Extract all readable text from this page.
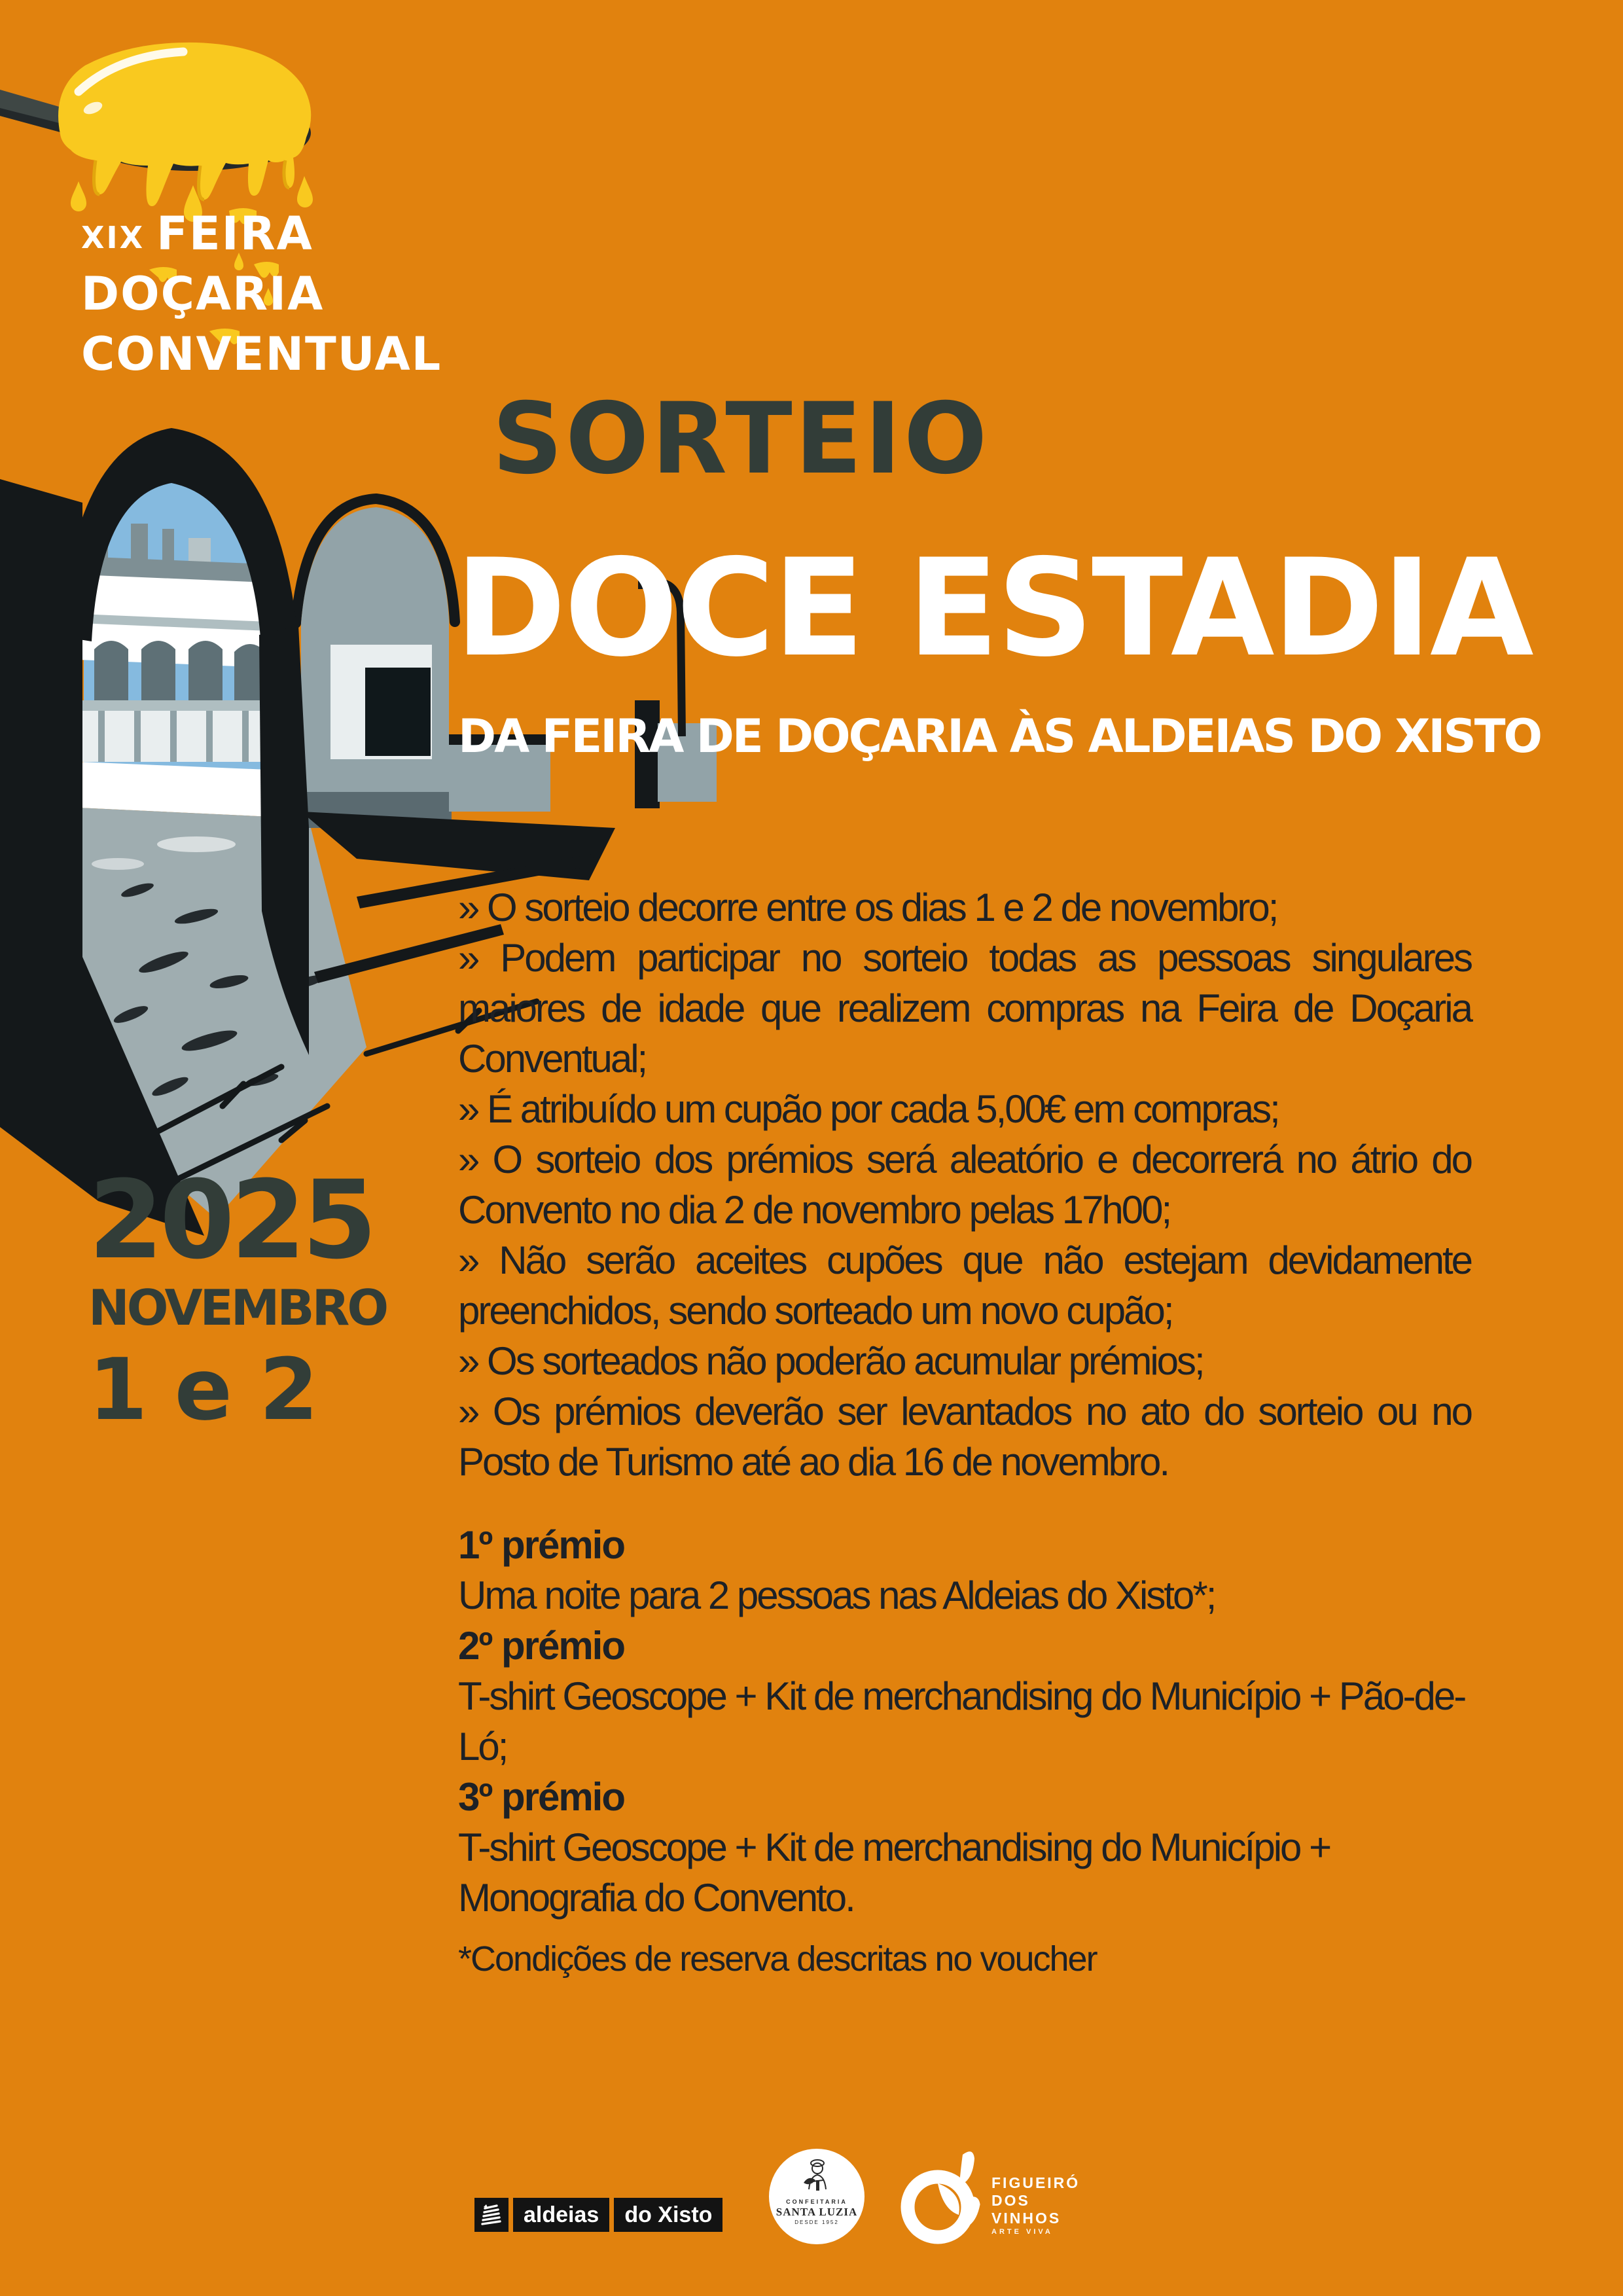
XIX FEIRA
DOÇARIA
CONVENTUAL
SORTEIO
DOCE ESTADIA
DA FEIRA DE DOÇARIA ÀS ALDEIAS DO XISTO
2025
NOVEMBRO
1 e 2

» O sorteio decorre entre os dias 1 e 2 de novembro;

» Podem participar no sorteio todas as pessoas singulares maiores de idade que realizem compras na Feira de Doçaria Conventual;

» É atribuído um cupão por cada 5,00€ em compras;

» O sorteio dos prémios será aleatório e decorrerá no átrio do Convento no dia 2 de novembro pelas 17h00;

» Não serão aceites cupões que não estejam devidamente preenchidos, sendo sorteado um novo cupão;

» Os sorteados não poderão acumular prémios;

» Os prémios deverão ser levantados no ato do sorteio ou no Posto de Turismo até ao dia 16 de novembro.

1º prémio
Uma noite para 2 pessoas nas Aldeias do Xisto*;
2º prémio
T-shirt Geoscope + Kit de merchandising do Município + Pão-de-Ló;
3º prémio
T-shirt Geoscope + Kit de merchandising do Município + Monografia do Convento.
*Condições de reserva descritas no voucher
aldeias	do Xisto
CONFEITARIA
SANTA LUZIA
DESDE 1952
FIGUEIRÓ
DOS
VINHOS
ARTE VIVA
